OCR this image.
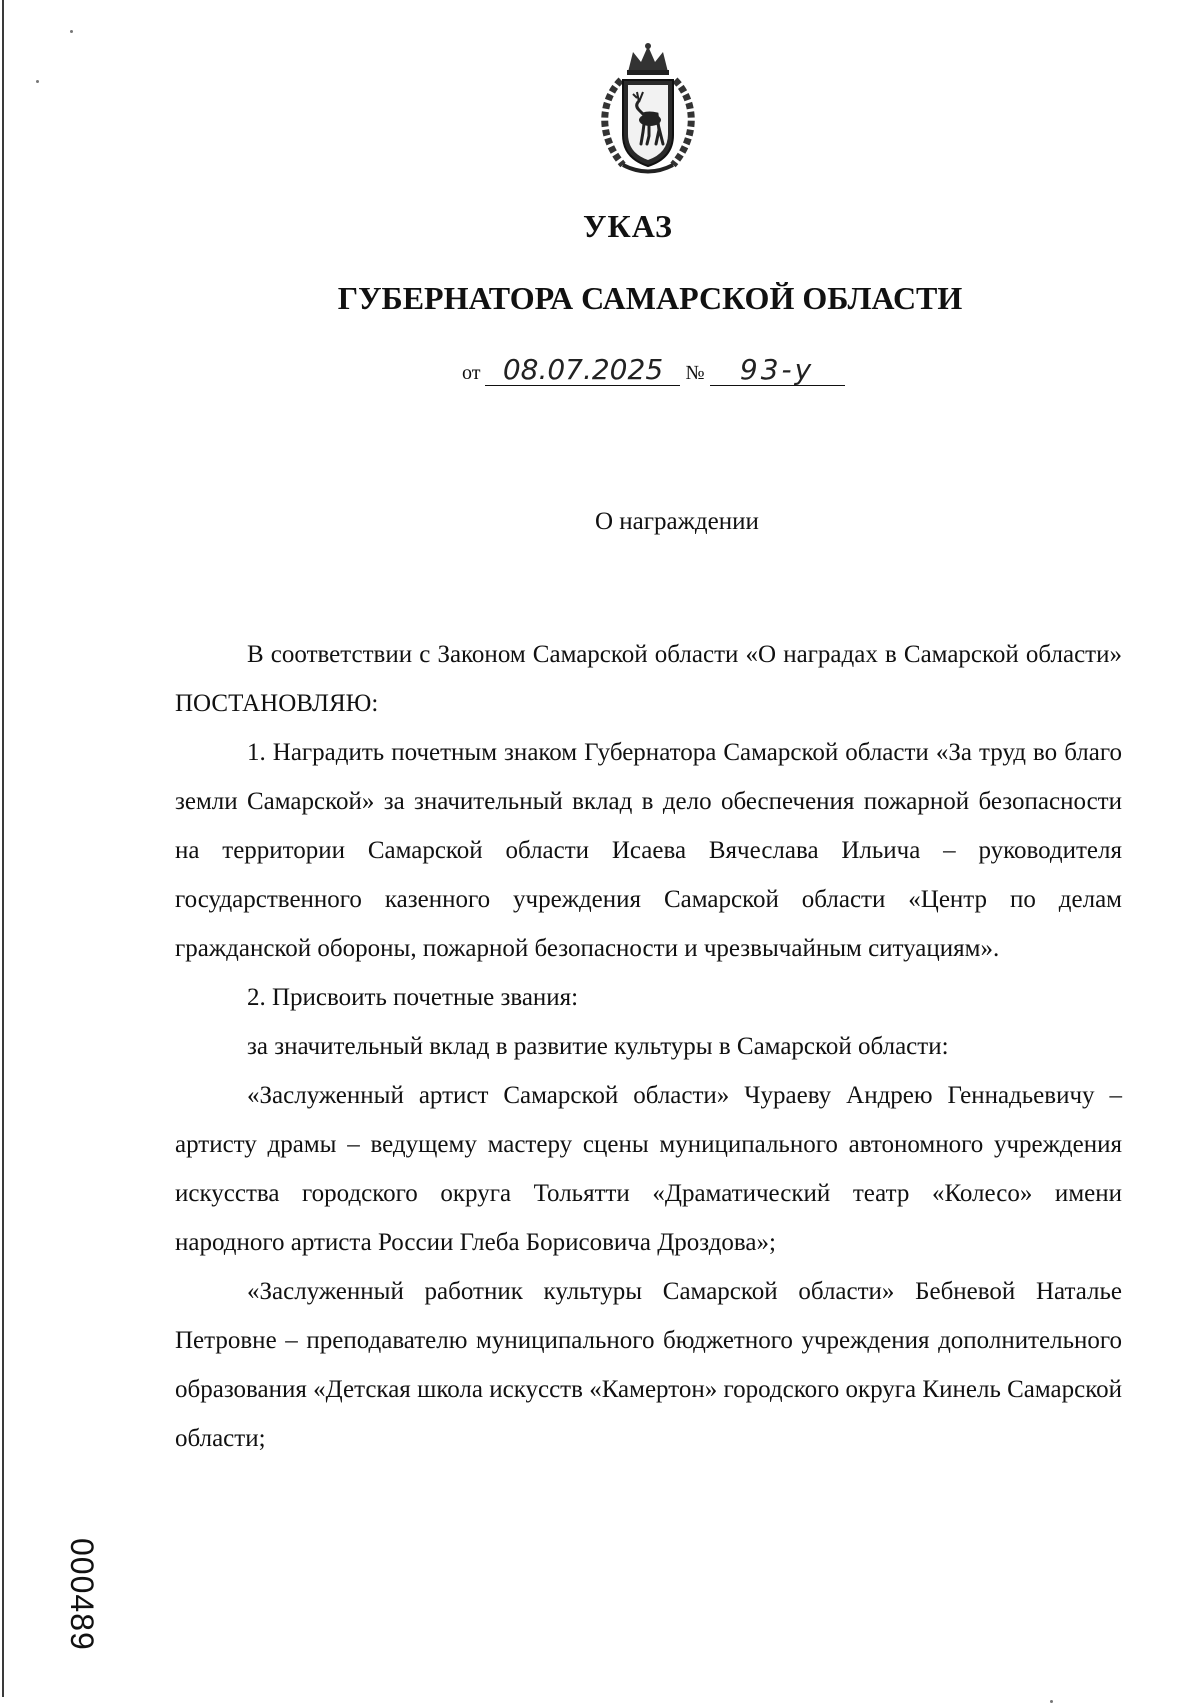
УКАЗ
ГУБЕРНАТОРА САМАРСКОЙ ОБЛАСТИ
от 08.07.2025 № 93-у
О награждении

В соответствии с Законом Самарской области «О наградах в Самарской области» ПОСТАНОВЛЯЮ:

1. Наградить почетным знаком Губернатора Самарской области «За труд во благо земли Самарской» за значительный вклад в дело обеспечения пожарной безопасности на территории Самарской области Исаева Вячеслава Ильича – руководителя государственного казенного учреждения Самарской области «Центр по делам гражданской обороны, пожарной безопасности и чрезвычайным ситуациям».

2. Присвоить почетные звания:

за значительный вклад в развитие культуры в Самарской области:

«Заслуженный артист Самарской области» Чураеву Андрею Геннадьевичу – артисту драмы – ведущему мастеру сцены муниципального автономного учреждения искусства городского округа Тольятти «Драматический театр «Колесо» имени народного артиста России Глеба Борисовича Дроздова»;

«Заслуженный работник культуры Самарской области» Бебневой Наталье Петровне – преподавателю муниципального бюджетного учреждения дополнительного образования «Детская школа искусств «Камертон» городского округа Кинель Самарской области;

000489
